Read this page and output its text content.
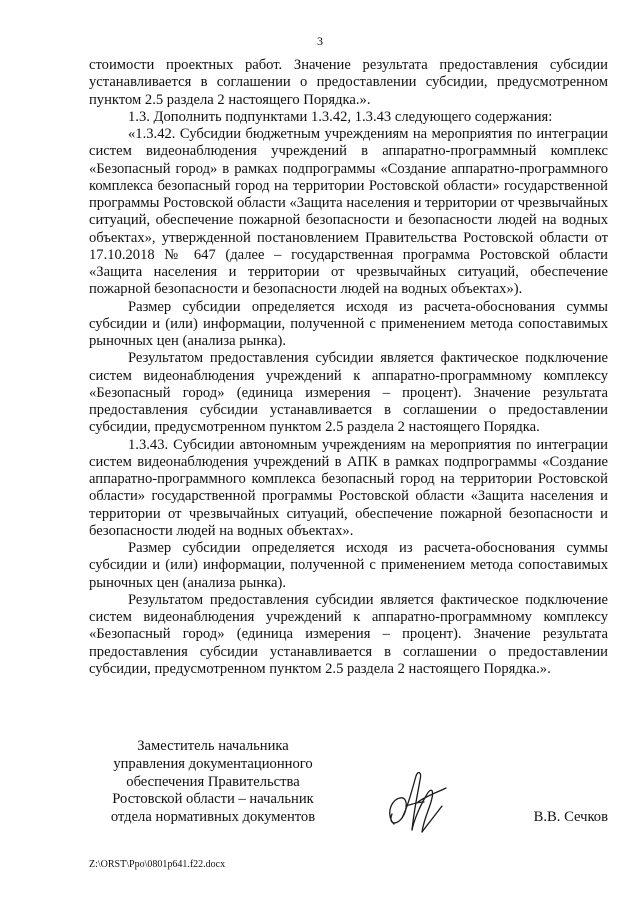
3

стоимости проектных работ. Значение результата предоставления субсидии устанавливается в соглашении о предоставлении субсидии, предусмотренном пунктом 2.5 раздела 2 настоящего Порядка.».

1.3. Дополнить подпунктами 1.3.42, 1.3.43 следующего содержания:

«1.3.42. Субсидии бюджетным учреждениям на мероприятия по интеграции систем видеонаблюдения учреждений в аппаратно-программный комплекс «Безопасный город» в рамках подпрограммы «Создание аппаратно-программного комплекса безопасный город на территории Ростовской области» государственной программы Ростовской области «Защита населения и территории от чрезвычайных ситуаций, обеспечение пожарной безопасности и безопасности людей на водных объектах», утвержденной постановлением Правительства Ростовской области от 17.10.2018 № 647 (далее – государственная программа Ростовской области «Защита населения и территории от чрезвычайных ситуаций, обеспечение пожарной безопасности и безопасности людей на водных объектах»).

Размер субсидии определяется исходя из расчета-обоснования суммы субсидии и (или) информации, полученной с применением метода сопоставимых рыночных цен (анализа рынка).

Результатом предоставления субсидии является фактическое подключение систем видеонаблюдения учреждений к аппаратно-программному комплексу «Безопасный город» (единица измерения – процент). Значение результата предоставления субсидии устанавливается в соглашении о предоставлении субсидии, предусмотренном пунктом 2.5 раздела 2 настоящего Порядка.

1.3.43. Субсидии автономным учреждениям на мероприятия по интеграции систем видеонаблюдения учреждений в АПК в рамках подпрограммы «Создание аппаратно-программного комплекса безопасный город на территории Ростовской области» государственной программы Ростовской области «Защита населения и территории от чрезвычайных ситуаций, обеспечение пожарной безопасности и безопасности людей на водных объектах».

Размер субсидии определяется исходя из расчета-обоснования суммы субсидии и (или) информации, полученной с применением метода сопоставимых рыночных цен (анализа рынка).

Результатом предоставления субсидии является фактическое подключение систем видеонаблюдения учреждений к аппаратно-программному комплексу «Безопасный город» (единица измерения – процент). Значение результата предоставления субсидии устанавливается в соглашении о предоставлении субсидии, предусмотренном пунктом 2.5 раздела 2 настоящего Порядка.».

Заместитель начальника
управления документационного
обеспечения Правительства
Ростовской области – начальник
отдела нормативных документов	В.В. Сечков
Z:\ORST\Ppo\0801p641.f22.docx
